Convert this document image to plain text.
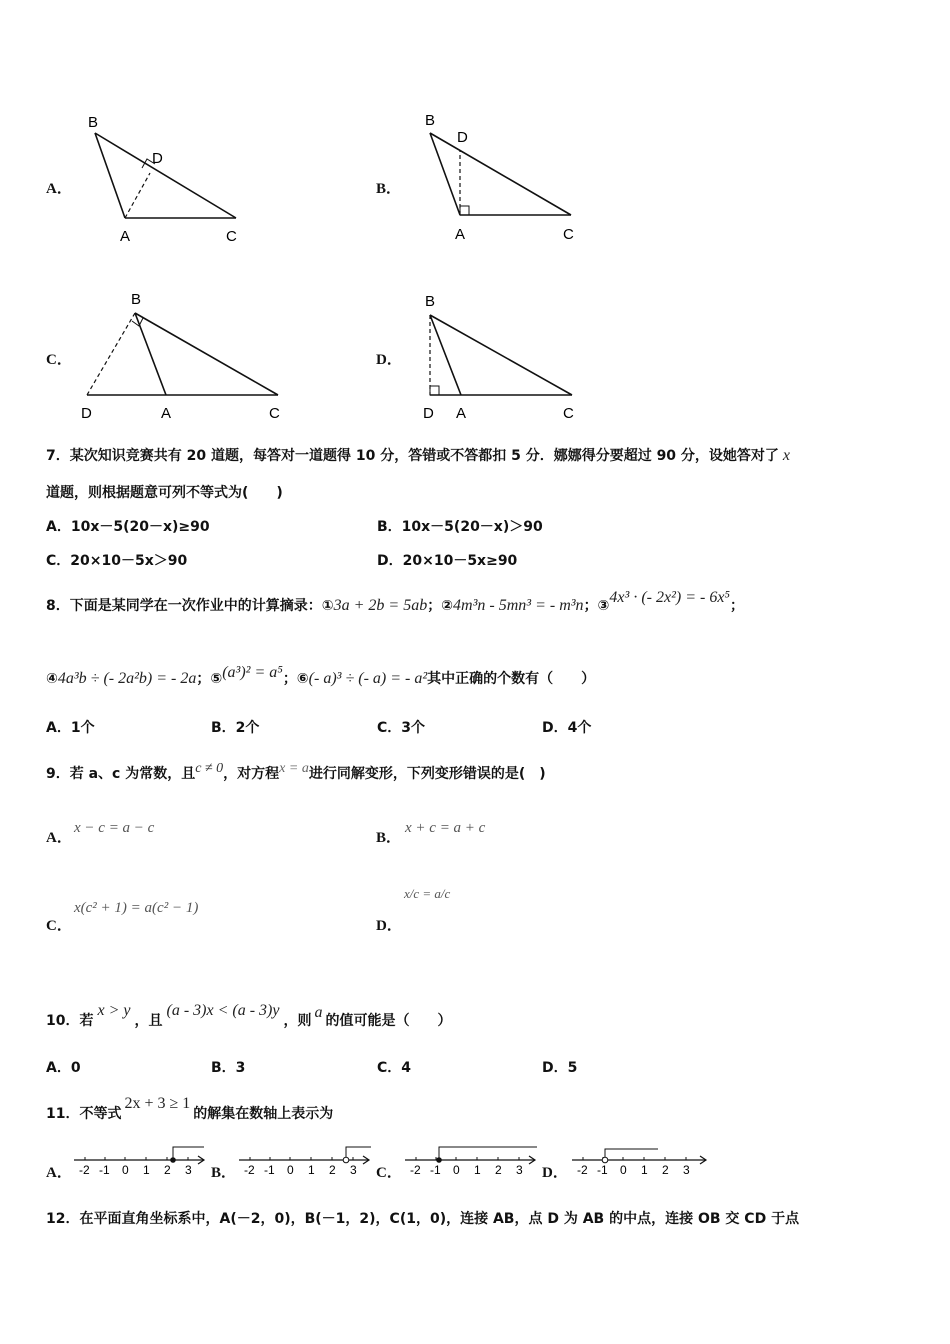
A．
B
D
A	C
B．
B
D
A	C
C．
B
D	A	C
D．
B
D A	C
7．某次知识竞赛共有 20 道题，每答对一道题得 10 分，答错或不答都扣 5 分．娜娜得分要超过 90 分，设她答对了 x
道题，则根据题意可列不等式为(　　)
A．10x－5(20－x)≥90	B．10x－5(20－x)＞90
C．20×10－5x＞90	D．20×10－5x≥90
8．下面是某同学在一次作业中的计算摘录：①3a + 2b = 5ab；②4m³n - 5mn³ = - m³n；③4x³ · (- 2x²) = - 6x⁵；
④4a³b ÷ (- 2a²b) = - 2a；⑤(a³)² = a⁵；⑥(- a)³ ÷ (- a) = - a²其中正确的个数有（　　）
A．1个	B．2个	C．3个	D．4个
9．若 a、c 为常数，且c ≠ 0，对方程x = a进行同解变形，下列变形错误的是(　)
A．
x − c = a − c
B．
x + c = a + c
C．
x(c² + 1) = a(c² − 1)
D．
x/c = a/c
10．若x > y，且(a - 3)x < (a - 3)y，则 a 的值可能是（　　）
A．0	B．3	C．4	D．5
11．不等式2x + 3 ≥ 1的解集在数轴上表示为
A． -2 -1 0 1 2 3 B． -2 -1 0 1 2 3 C． -2 -1 0 1 2 3 D． -2 -1 0 1 2 3
12．在平面直角坐标系中，A(－2，0)，B(－1，2)，C(1，0)，连接 AB，点 D 为 AB 的中点，连接 OB 交 CD 于点
